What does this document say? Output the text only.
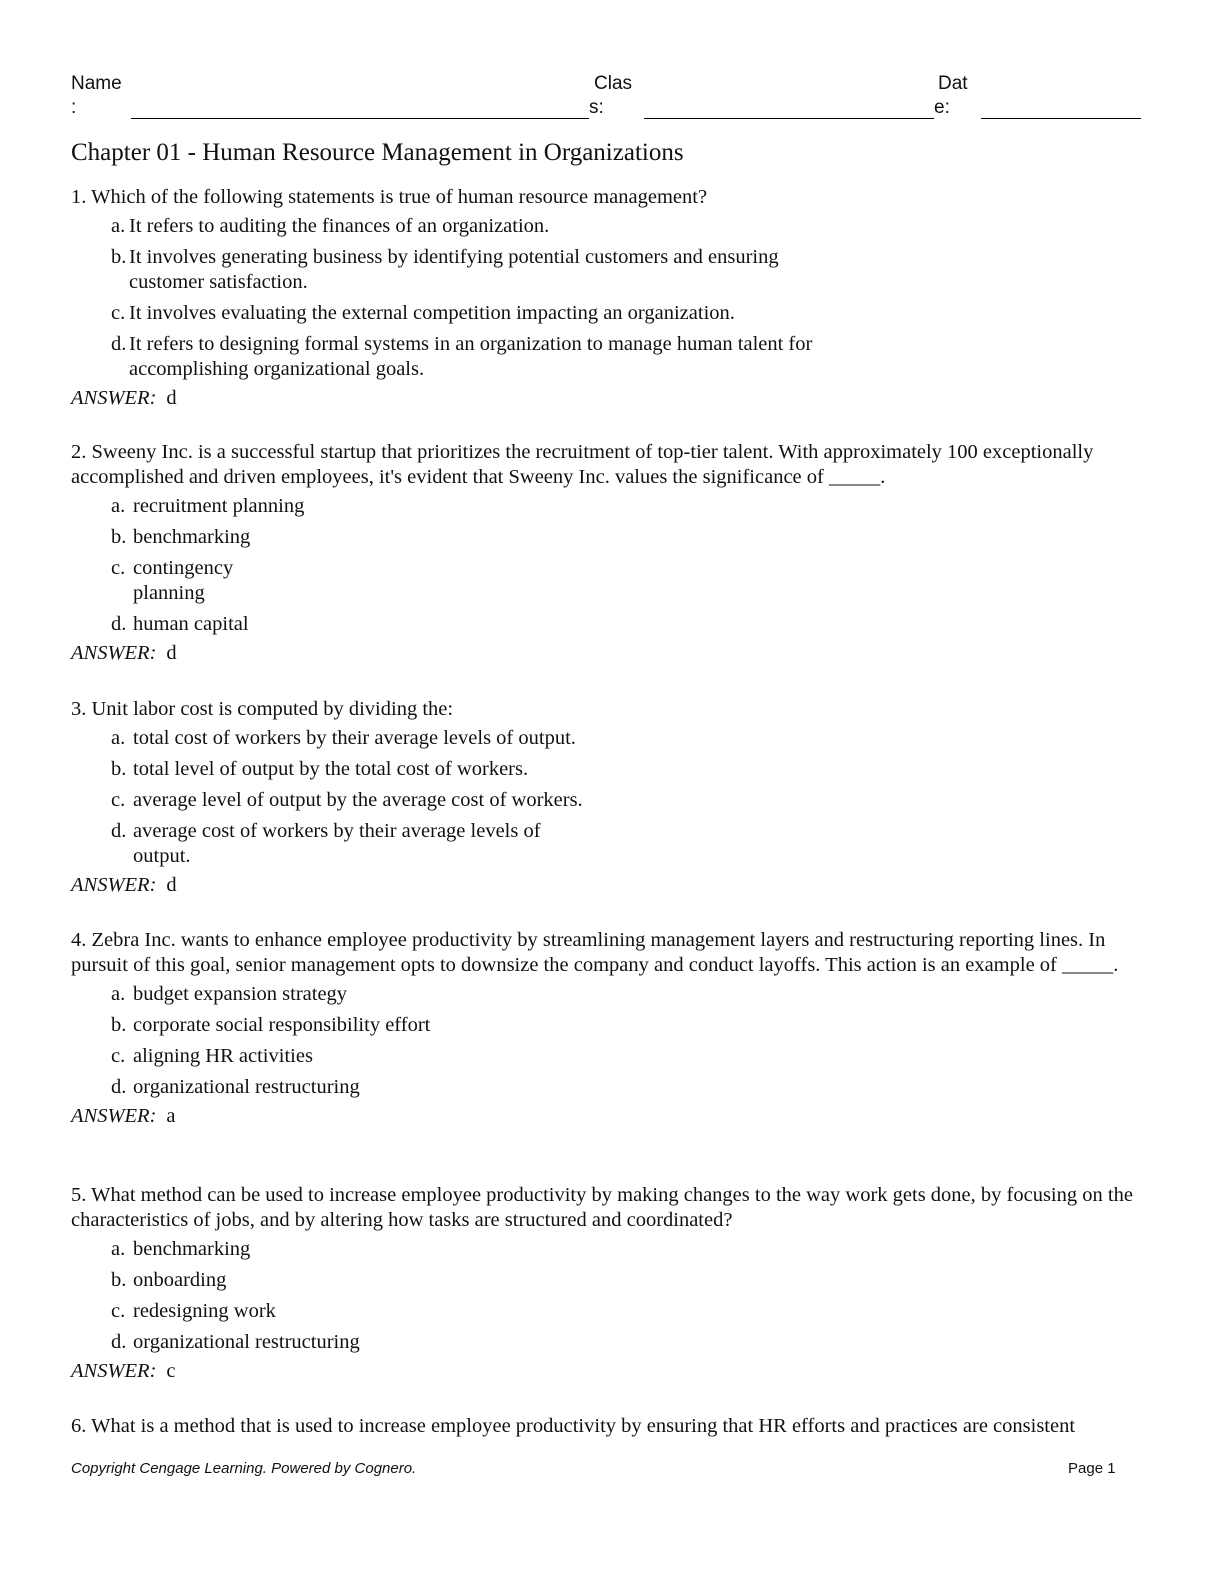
Name
:
Clas
s:
Dat
e:
Chapter 01 - Human Resource Management in Organizations

1. Which of the following statements is true of human resource management?

a. It refers to auditing the finances of an organization.
b. It involves generating business by identifying potential customers and ensuring
customer satisfaction.
c. It involves evaluating the external competition impacting an organization.
d. It refers to designing formal systems in an organization to manage human talent for
accomplishing organizational goals.
ANSWER: d

2. Sweeny Inc. is a successful startup that prioritizes the recruitment of top-tier talent. With approximately 100 exceptionally accomplished and driven employees, it's evident that Sweeny Inc. values the significance of _____.

a. recruitment planning
b. benchmarking
c. contingency
planning
d. human capital
ANSWER: d

3. Unit labor cost is computed by dividing the:

a. total cost of workers by their average levels of output.
b. total level of output by the total cost of workers.
c. average level of output by the average cost of workers.
d. average cost of workers by their average levels of
output.
ANSWER: d

4. Zebra Inc. wants to enhance employee productivity by streamlining management layers and restructuring reporting lines. In pursuit of this goal, senior management opts to downsize the company and conduct layoffs. This action is an example of _____.

a. budget expansion strategy
b. corporate social responsibility effort
c. aligning HR activities
d. organizational restructuring
ANSWER: a

5. What method can be used to increase employee productivity by making changes to the way work gets done, by focusing on the characteristics of jobs, and by altering how tasks are structured and coordinated?

a. benchmarking
b. onboarding
c. redesigning work
d. organizational restructuring
ANSWER: c

6. What is a method that is used to increase employee productivity by ensuring that HR efforts and practices are consistent

Copyright Cengage Learning. Powered by Cognero.	Page 1
